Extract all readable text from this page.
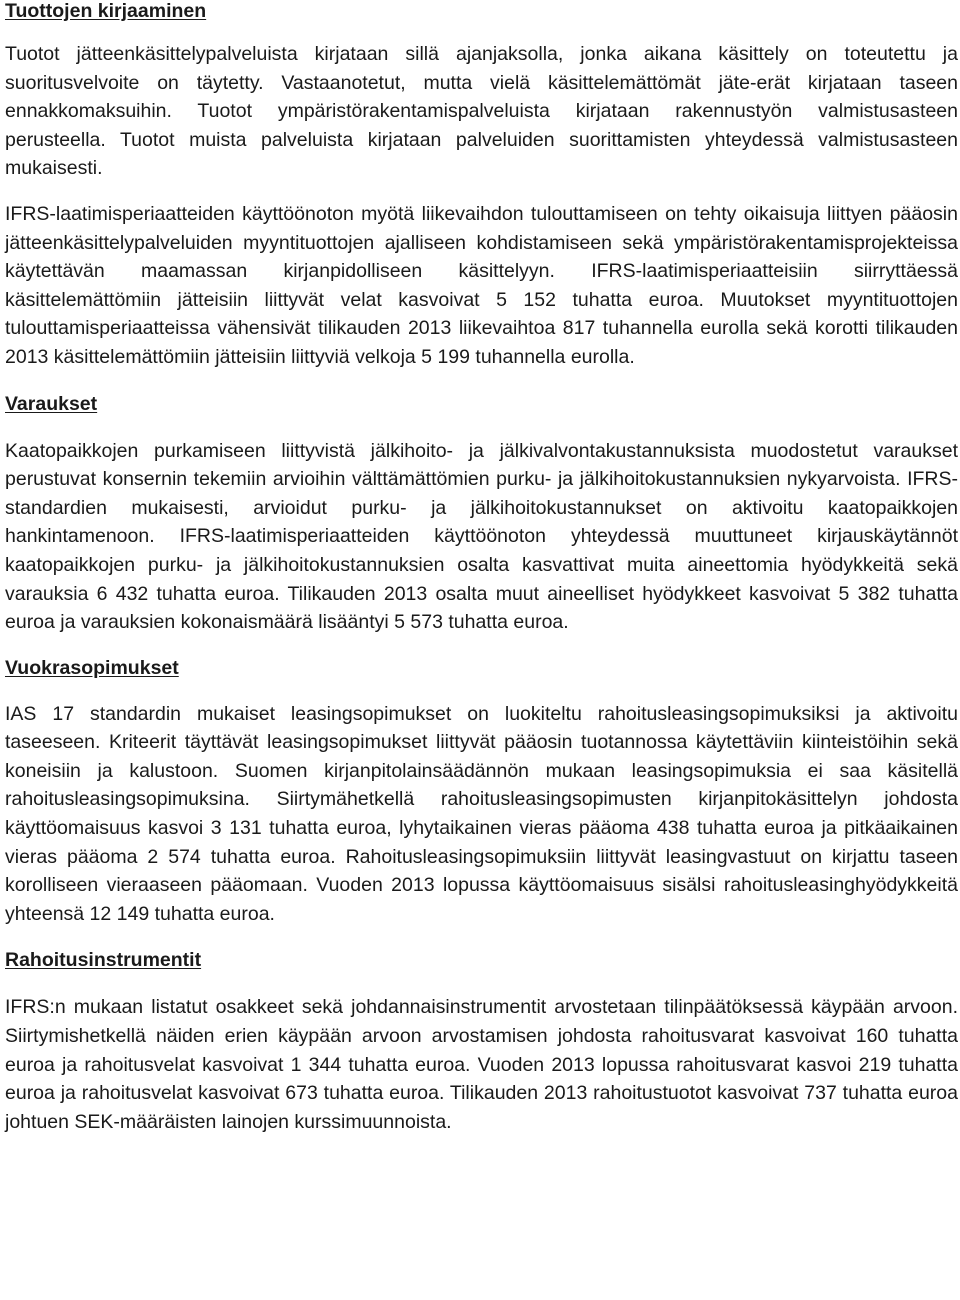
Tuottojen kirjaaminen

Tuotot jätteenkäsittelypalveluista kirjataan sillä ajanjaksolla, jonka aikana käsittely on toteutettu ja suoritusvelvoite on täytetty. Vastaanotetut, mutta vielä käsittelemättömät jäte-erät kirjataan taseen ennakkomaksuihin. Tuotot ympäristörakentamispalveluista kirjataan rakennustyön valmistusasteen perusteella. Tuotot muista palveluista kirjataan palveluiden suorittamisten yhteydessä valmistusasteen mukaisesti.

IFRS-laatimisperiaatteiden käyttöönoton myötä liikevaihdon tulouttamiseen on tehty oikaisuja liittyen pääosin jätteenkäsittelypalveluiden myyntituottojen ajalliseen kohdistamiseen sekä ympäristörakentamisprojekteissa käytettävän maamassan kirjanpidolliseen käsittelyyn. IFRS-laatimisperiaatteisiin siirryttäessä käsittelemättömiin jätteisiin liittyvät velat kasvoivat 5 152 tuhatta euroa. Muutokset myyntituottojen tulouttamisperiaatteissa vähensivät tilikauden 2013 liikevaihtoa 817 tuhannella eurolla sekä korotti tilikauden 2013 käsittelemättömiin jätteisiin liittyviä velkoja 5 199 tuhannella eurolla.

Varaukset

Kaatopaikkojen purkamiseen liittyvistä jälkihoito- ja jälkivalvontakustannuksista muodostetut varaukset perustuvat konsernin tekemiin arvioihin välttämättömien purku- ja jälkihoitokustannuksien nykyarvoista. IFRS-standardien mukaisesti, arvioidut purku- ja jälkihoitokustannukset on aktivoitu kaatopaikkojen hankintamenoon. IFRS-laatimisperiaatteiden käyttöönoton yhteydessä muuttuneet kirjauskäytännöt kaatopaikkojen purku- ja jälkihoitokustannuksien osalta kasvattivat muita aineettomia hyödykkeitä sekä varauksia 6 432 tuhatta euroa. Tilikauden 2013 osalta muut aineelliset hyödykkeet kasvoivat 5 382 tuhatta euroa ja varauksien kokonaismäärä lisääntyi 5 573 tuhatta euroa.

Vuokrasopimukset

IAS 17 standardin mukaiset leasingsopimukset on luokiteltu rahoitusleasingsopimuksiksi ja aktivoitu taseeseen. Kriteerit täyttävät leasingsopimukset liittyvät pääosin tuotannossa käytettäviin kiinteistöihin sekä koneisiin ja kalustoon. Suomen kirjanpitolainsäädännön mukaan leasingsopimuksia ei saa käsitellä rahoitusleasingsopimuksina. Siirtymähetkellä rahoitusleasingsopimusten kirjanpitokäsittelyn johdosta käyttöomaisuus kasvoi 3 131 tuhatta euroa, lyhytaikainen vieras pääoma 438 tuhatta euroa ja pitkäaikainen vieras pääoma 2 574 tuhatta euroa. Rahoitusleasingsopimuksiin liittyvät leasingvastuut on kirjattu taseen korolliseen vieraaseen pääomaan. Vuoden 2013 lopussa käyttöomaisuus sisälsi rahoitusleasinghyödykkeitä yhteensä 12 149 tuhatta euroa.

Rahoitusinstrumentit

IFRS:n mukaan listatut osakkeet sekä johdannaisinstrumentit arvostetaan tilinpäätöksessä käypään arvoon. Siirtymishetkellä näiden erien käypään arvoon arvostamisen johdosta rahoitusvarat kasvoivat 160 tuhatta euroa ja rahoitusvelat kasvoivat 1 344 tuhatta euroa. Vuoden 2013 lopussa rahoitusvarat kasvoi 219 tuhatta euroa ja rahoitusvelat kasvoivat 673 tuhatta euroa. Tilikauden 2013 rahoitustuotot kasvoivat 737 tuhatta euroa johtuen SEK-määräisten lainojen kurssimuunnoista.
